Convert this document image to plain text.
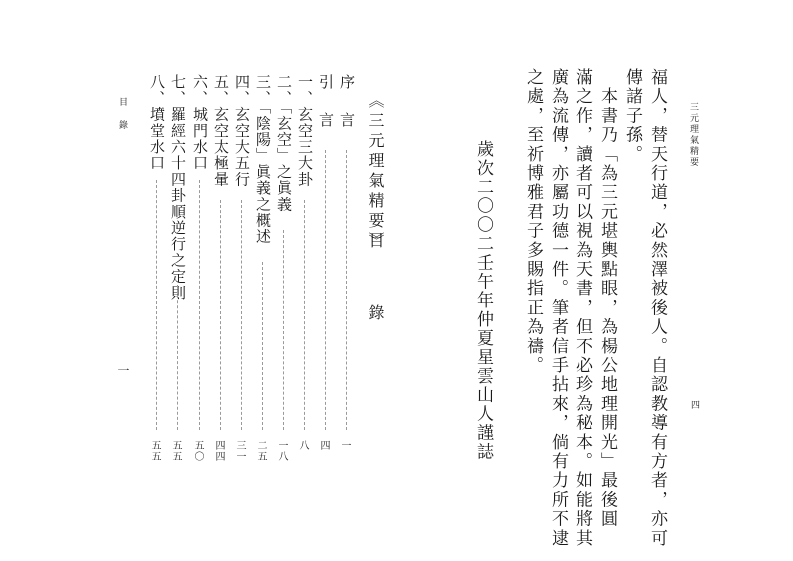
三元理氣精要
四
福人，替天行道，必然澤被後人。自認教導有方者，亦可
傳諸子孫。
　本書乃「為三元堪輿點眼，為楊公地理開光」最後圓
滿之作，讀者可以視為天書，但不必珍為秘本。如能將其
廣為流傳，亦屬功德一件。筆者信手拈來，倘有力所不逮
之處，至祈博雅君子多賜指正為禱。
歲次二〇〇二壬午年仲夏星雲山人謹誌
序　言
引　言 《三元理氣精要》
目　錄
一、玄空三大卦
二、「玄空」之眞義
三、「陰陽」眞義之概述
四、玄空大五行
五、玄空太極暈
六、城門水口
七、羅經六十四卦順逆行之定則
八、墳堂水口
一
四
八
一八
二五
三一
四四
五〇
五五
五五
目錄
一
